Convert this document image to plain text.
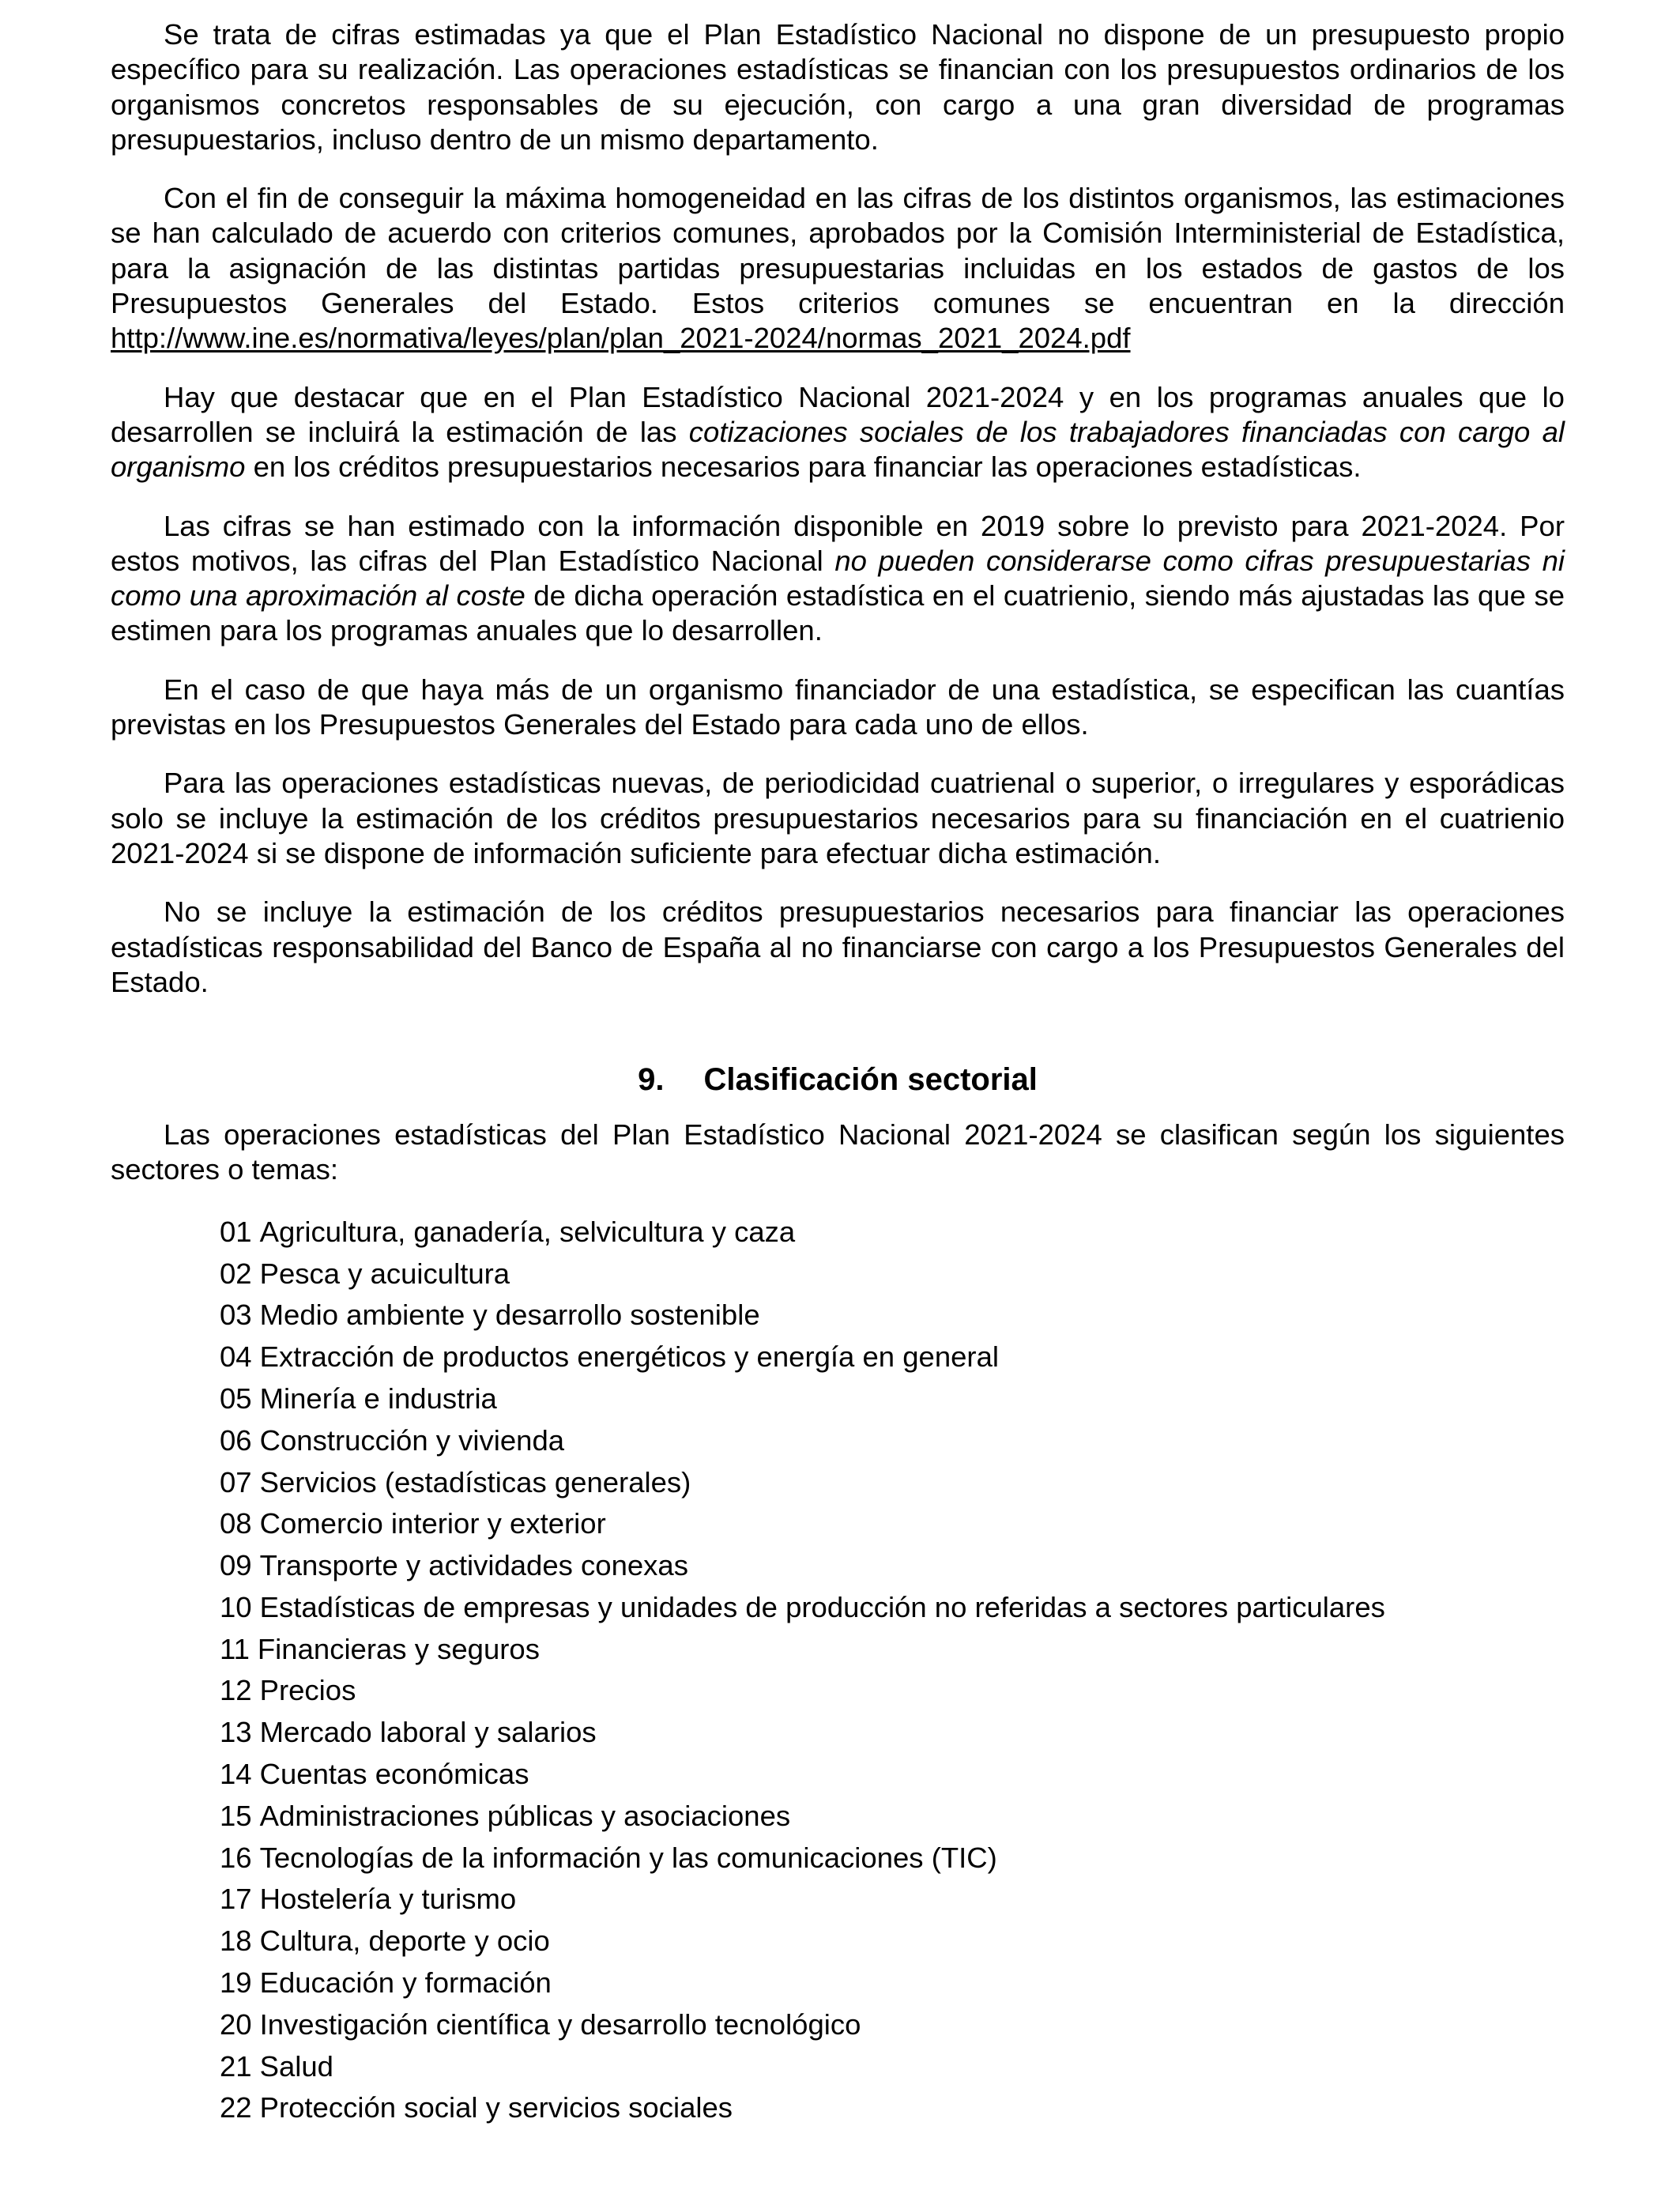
Se trata de cifras estimadas ya que el Plan Estadístico Nacional no dispone de un presupuesto propio específico para su realización. Las operaciones estadísticas se financian con los presupuestos ordinarios de los organismos concretos responsables de su ejecución, con cargo a una gran diversidad de programas presupuestarios, incluso dentro de un mismo departamento.

Con el fin de conseguir la máxima homogeneidad en las cifras de los distintos organismos, las estimaciones se han calculado de acuerdo con criterios comunes, aprobados por la Comisión Interministerial de Estadística, para la asignación de las distintas partidas presupuestarias incluidas en los estados de gastos de los Presupuestos Generales del Estado. Estos criterios comunes se encuentran en la dirección http://www.ine.es/normativa/leyes/plan/plan_2021-2024/normas_2021_2024.pdf

Hay que destacar que en el Plan Estadístico Nacional 2021-2024 y en los programas anuales que lo desarrollen se incluirá la estimación de las cotizaciones sociales de los trabajadores financiadas con cargo al organismo en los créditos presupuestarios necesarios para financiar las operaciones estadísticas.

Las cifras se han estimado con la información disponible en 2019 sobre lo previsto para 2021-2024. Por estos motivos, las cifras del Plan Estadístico Nacional no pueden considerarse como cifras presupuestarias ni como una aproximación al coste de dicha operación estadística en el cuatrienio, siendo más ajustadas las que se estimen para los programas anuales que lo desarrollen.

En el caso de que haya más de un organismo financiador de una estadística, se especifican las cuantías previstas en los Presupuestos Generales del Estado para cada uno de ellos.

Para las operaciones estadísticas nuevas, de periodicidad cuatrienal o superior, o irregulares y esporádicas solo se incluye la estimación de los créditos presupuestarios necesarios para su financiación en el cuatrienio 2021-2024 si se dispone de información suficiente para efectuar dicha estimación.

No se incluye la estimación de los créditos presupuestarios necesarios para financiar las operaciones estadísticas responsabilidad del Banco de España al no financiarse con cargo a los Presupuestos Generales del Estado.

9. Clasificación sectorial

Las operaciones estadísticas del Plan Estadístico Nacional 2021-2024 se clasifican según los siguientes sectores o temas:

01 Agricultura, ganadería, selvicultura y caza
02 Pesca y acuicultura
03 Medio ambiente y desarrollo sostenible
04 Extracción de productos energéticos y energía en general
05 Minería e industria
06 Construcción y vivienda
07 Servicios (estadísticas generales)
08 Comercio interior y exterior
09 Transporte y actividades conexas
10 Estadísticas de empresas y unidades de producción no referidas a sectores particulares
11 Financieras y seguros
12 Precios
13 Mercado laboral y salarios
14 Cuentas económicas
15 Administraciones públicas y asociaciones
16 Tecnologías de la información y las comunicaciones (TIC)
17 Hostelería y turismo
18 Cultura, deporte y ocio
19 Educación y formación
20 Investigación científica y desarrollo tecnológico
21 Salud
22 Protección social y servicios sociales
